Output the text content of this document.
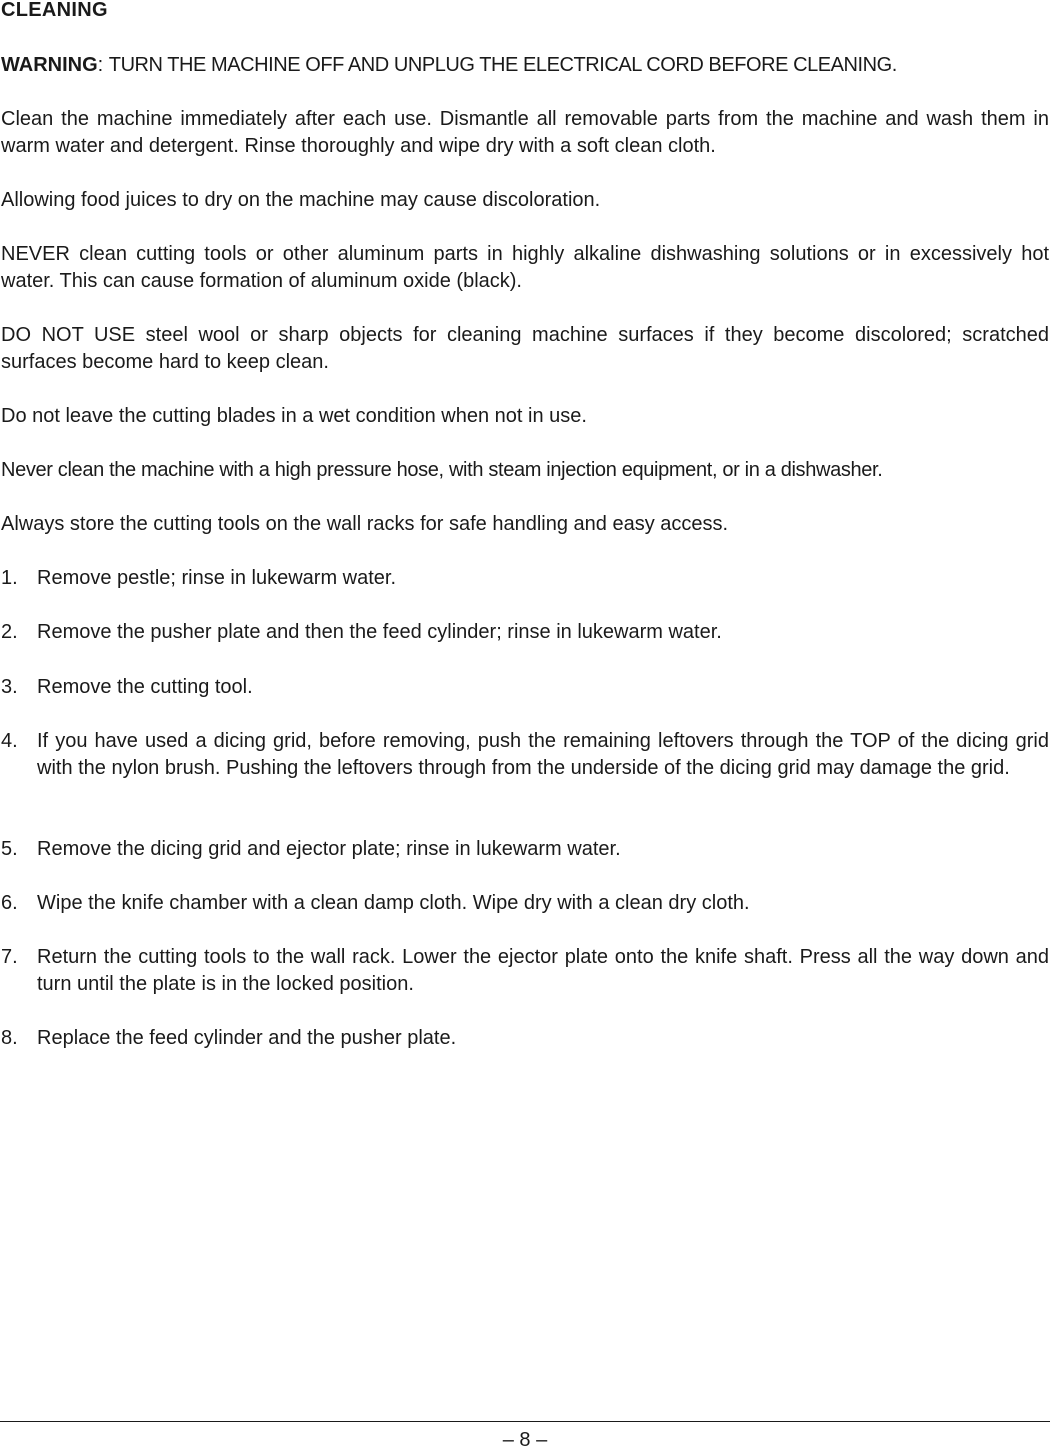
CLEANING

WARNING: TURN THE MACHINE OFF AND UNPLUG THE ELECTRICAL CORD BEFORE CLEANING.

Clean the machine immediately after each use. Dismantle all removable parts from the machine and wash them in warm water and detergent. Rinse thoroughly and wipe dry with a soft clean cloth.

Allowing food juices to dry on the machine may cause discoloration.

NEVER clean cutting tools or other aluminum parts in highly alkaline dishwashing solutions or in excessively hot water. This can cause formation of aluminum oxide (black).

DO NOT USE steel wool or sharp objects for cleaning machine surfaces if they become discolored; scratched surfaces become hard to keep clean.

Do not leave the cutting blades in a wet condition when not in use.

Never clean the machine with a high pressure hose, with steam injection equipment, or in a dishwasher.

Always store the cutting tools on the wall racks for safe handling and easy access.

1. Remove pestle; rinse in lukewarm water.
2. Remove the pusher plate and then the feed cylinder; rinse in lukewarm water.
3. Remove the cutting tool.
4. If you have used a dicing grid, before removing, push the remaining leftovers through the TOP of the dicing grid with the nylon brush. Pushing the leftovers through from the underside of the dicing grid may damage the grid.
5. Remove the dicing grid and ejector plate; rinse in lukewarm water.
6. Wipe the knife chamber with a clean damp cloth. Wipe dry with a clean dry cloth.
7. Return the cutting tools to the wall rack. Lower the ejector plate onto the knife shaft. Press all the way down and turn until the plate is in the locked position.
8. Replace the feed cylinder and the pusher plate.
– 8 –
